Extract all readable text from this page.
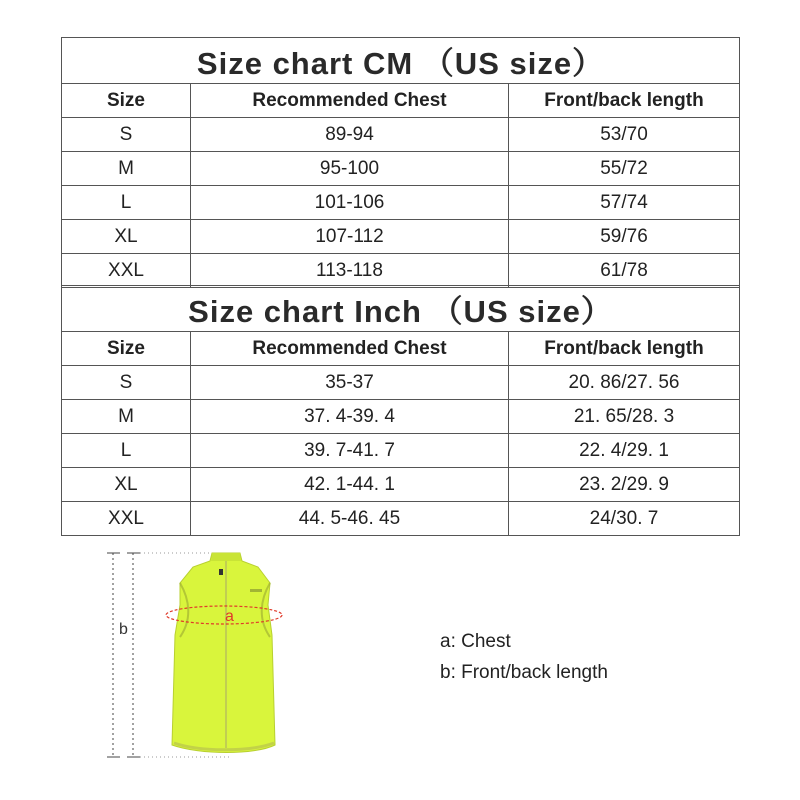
Size chart CM （US size）		
Size	Recommended Chest	Front/back length
S	89-94	53/70
M	95-100	55/72
L	101-106	57/74
XL	107-112	59/76
XXL	113-118	61/78
Size chart Inch （US size）		
Size	Recommended Chest	Front/back length
S	35-37	20. 86/27. 56
M	37. 4-39. 4	21. 65/28. 3
L	39. 7-41. 7	22. 4/29. 1
XL	42. 1-44. 1	23. 2/29. 9
XXL	44. 5-46. 45	24/30. 7
b
a
a: Chest
b: Front/back length
